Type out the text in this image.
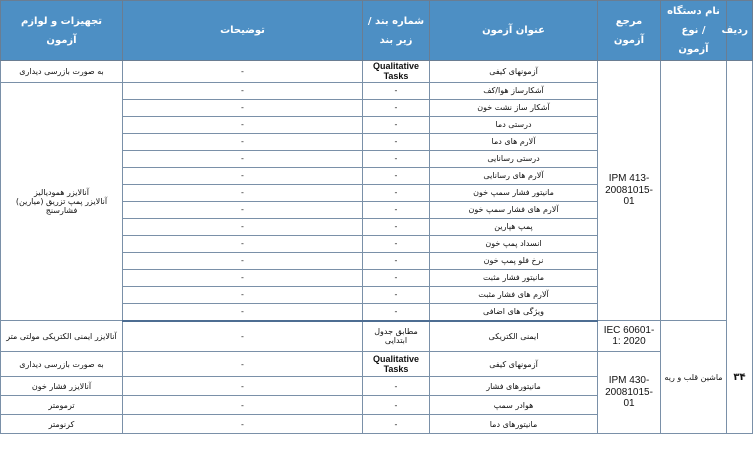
ردیف	نام دستگاه / نوع آزمون	مرجع آزمون	عنوان آزمون	شماره بند / زیر بند	توضیحات	تجهیزات و لوازم آزمون
۳۴		IPM 413-20081015-01	آزمونهای کیفی	Qualitative Tasks	-	به صورت بازرسی دیداری
			آشکارساز هوا/کف	-	-	آنالایزر همودیالیز
آنالایزر پمپ تزریق (میارین)
فشارسنج

			آشکار ساز نشت خون	-	-	
			درستی دما	-	-	
			آلارم های دما	-	-	
			درستی رسانایی	-	-	
			آلارم های رسانایی	-	-	
			مانیتور فشار سمپ خون	-	-	
			آلارم های فشار سمپ خون	-	-	
			پمپ هپارین	-	-	
			انسداد پمپ خون	-	-	
			نرخ فلو پمپ خون	-	-	
			مانیتور فشار مثبت	-	-	
			آلارم های فشار مثبت	-	-	
			ویژگی های اضافی	-	-	
	ماشین قلب و ریه	IEC 60601-1: 2020	ایمنی الکتریکی	مطابق جدول ابتدایی	-	آنالایزر ایمنی الکتریکی مولتی متر
		IPM 430-20081015-01	آزمونهای کیفی	Qualitative Tasks	-	به صورت بازرسی دیداری
			مانیتورهای فشار	-	-	آنالایزر فشار خون
			هوادر سمپ	-	-	ترمومتر
			مانیتورهای دما	-	-	کرنومتر
